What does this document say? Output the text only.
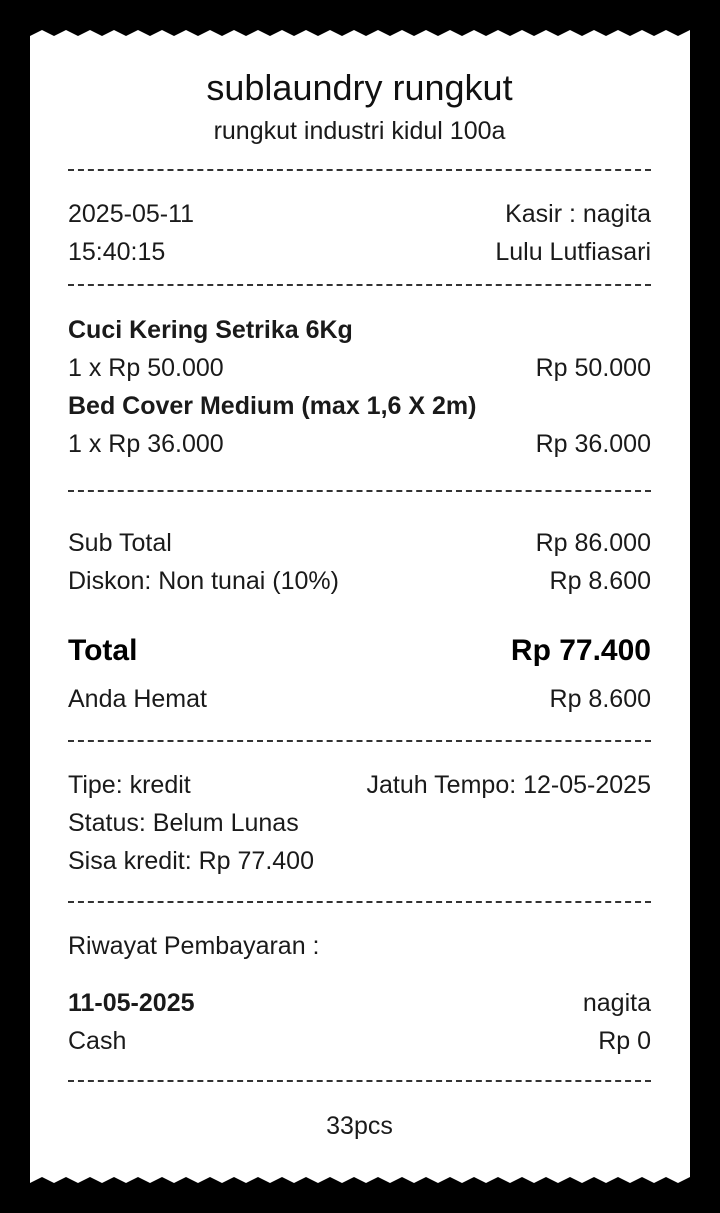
sublaundry rungkut
rungkut industri kidul 100a
2025-05-11	Kasir : nagita
15:40:15	Lulu Lutfiasari
Cuci Kering Setrika 6Kg
1 x Rp 50.000	Rp 50.000
Bed Cover Medium (max 1,6 X 2m)
1 x Rp 36.000	Rp 36.000
Sub Total	Rp 86.000
Diskon: Non tunai (10%)	Rp 8.600
Total	Rp 77.400
Anda Hemat	Rp 8.600
Tipe: kredit	Jatuh Tempo: 12-05-2025
Status: Belum Lunas
Sisa kredit: Rp 77.400
Riwayat Pembayaran :
11-05-2025	nagita
Cash	Rp 0
33pcs
